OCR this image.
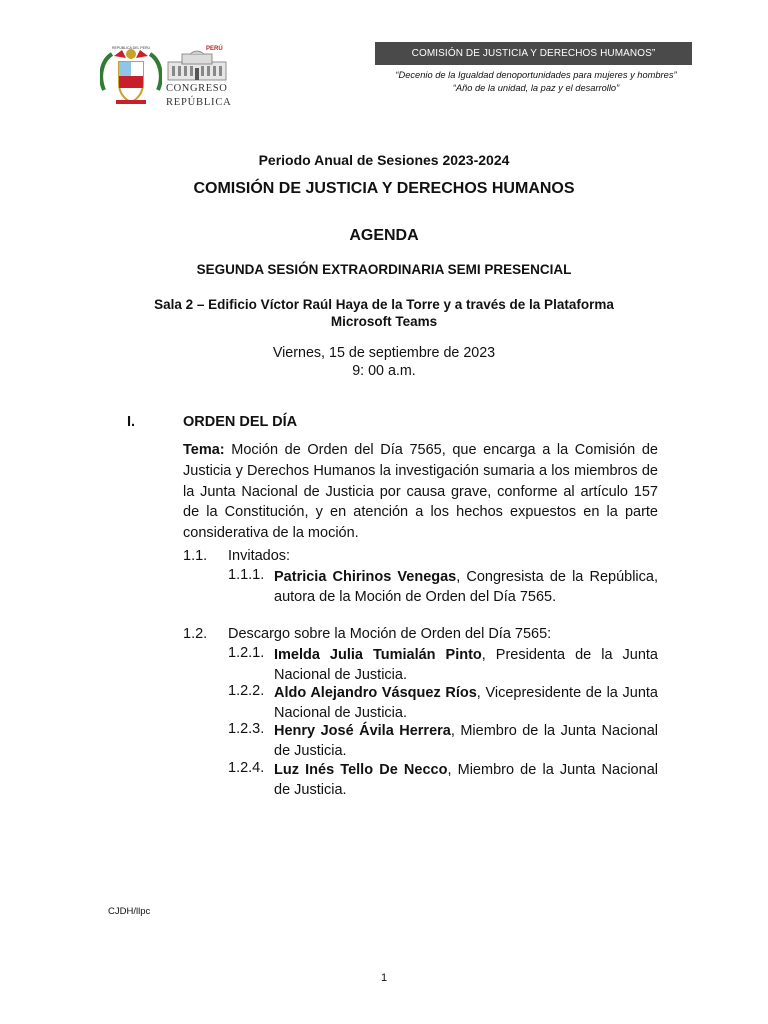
REPÚBLICA DEL PERÚ	PERÚ
CONGRESO
REPÚBLICA
COMISIÓN DE JUSTICIA Y DERECHOS HUMANOS”
“Decenio de la Igualdad denoportunidades para mujeres y hombres”
“Año de la unidad, la paz y el desarrollo”
Periodo Anual de Sesiones 2023-2024
COMISIÓN DE JUSTICIA Y DERECHOS HUMANOS
AGENDA
SEGUNDA SESIÓN EXTRAORDINARIA SEMI PRESENCIAL
Sala 2 – Edificio Víctor Raúl Haya de la Torre y a través de la Plataforma
Microsoft Teams
Viernes, 15 de septiembre de 2023
9: 00 a.m.
I.	ORDEN DEL DÍA
Tema: Moción de Orden del Día 7565, que encarga a la Comisión de Justicia y Derechos Humanos la investigación sumaria a los miembros de la Junta Nacional de Justicia por causa grave, conforme al artículo 157 de la Constitución, y en atención a los hechos expuestos en la parte considerativa de la moción.
1.1. Invitados:
1.1.1. Patricia Chirinos Venegas, Congresista de la República, autora de la Moción de Orden del Día 7565.
1.2. Descargo sobre la Moción de Orden del Día 7565:
1.2.1. Imelda Julia Tumialán Pinto, Presidenta de la Junta Nacional de Justicia.
1.2.2. Aldo Alejandro Vásquez Ríos, Vicepresidente de la Junta Nacional de Justicia.
1.2.3. Henry José Ávila Herrera, Miembro de la Junta Nacional de Justicia.
1.2.4. Luz Inés Tello De Necco, Miembro de la Junta Nacional de Justicia.
CJDH/llpc
1
